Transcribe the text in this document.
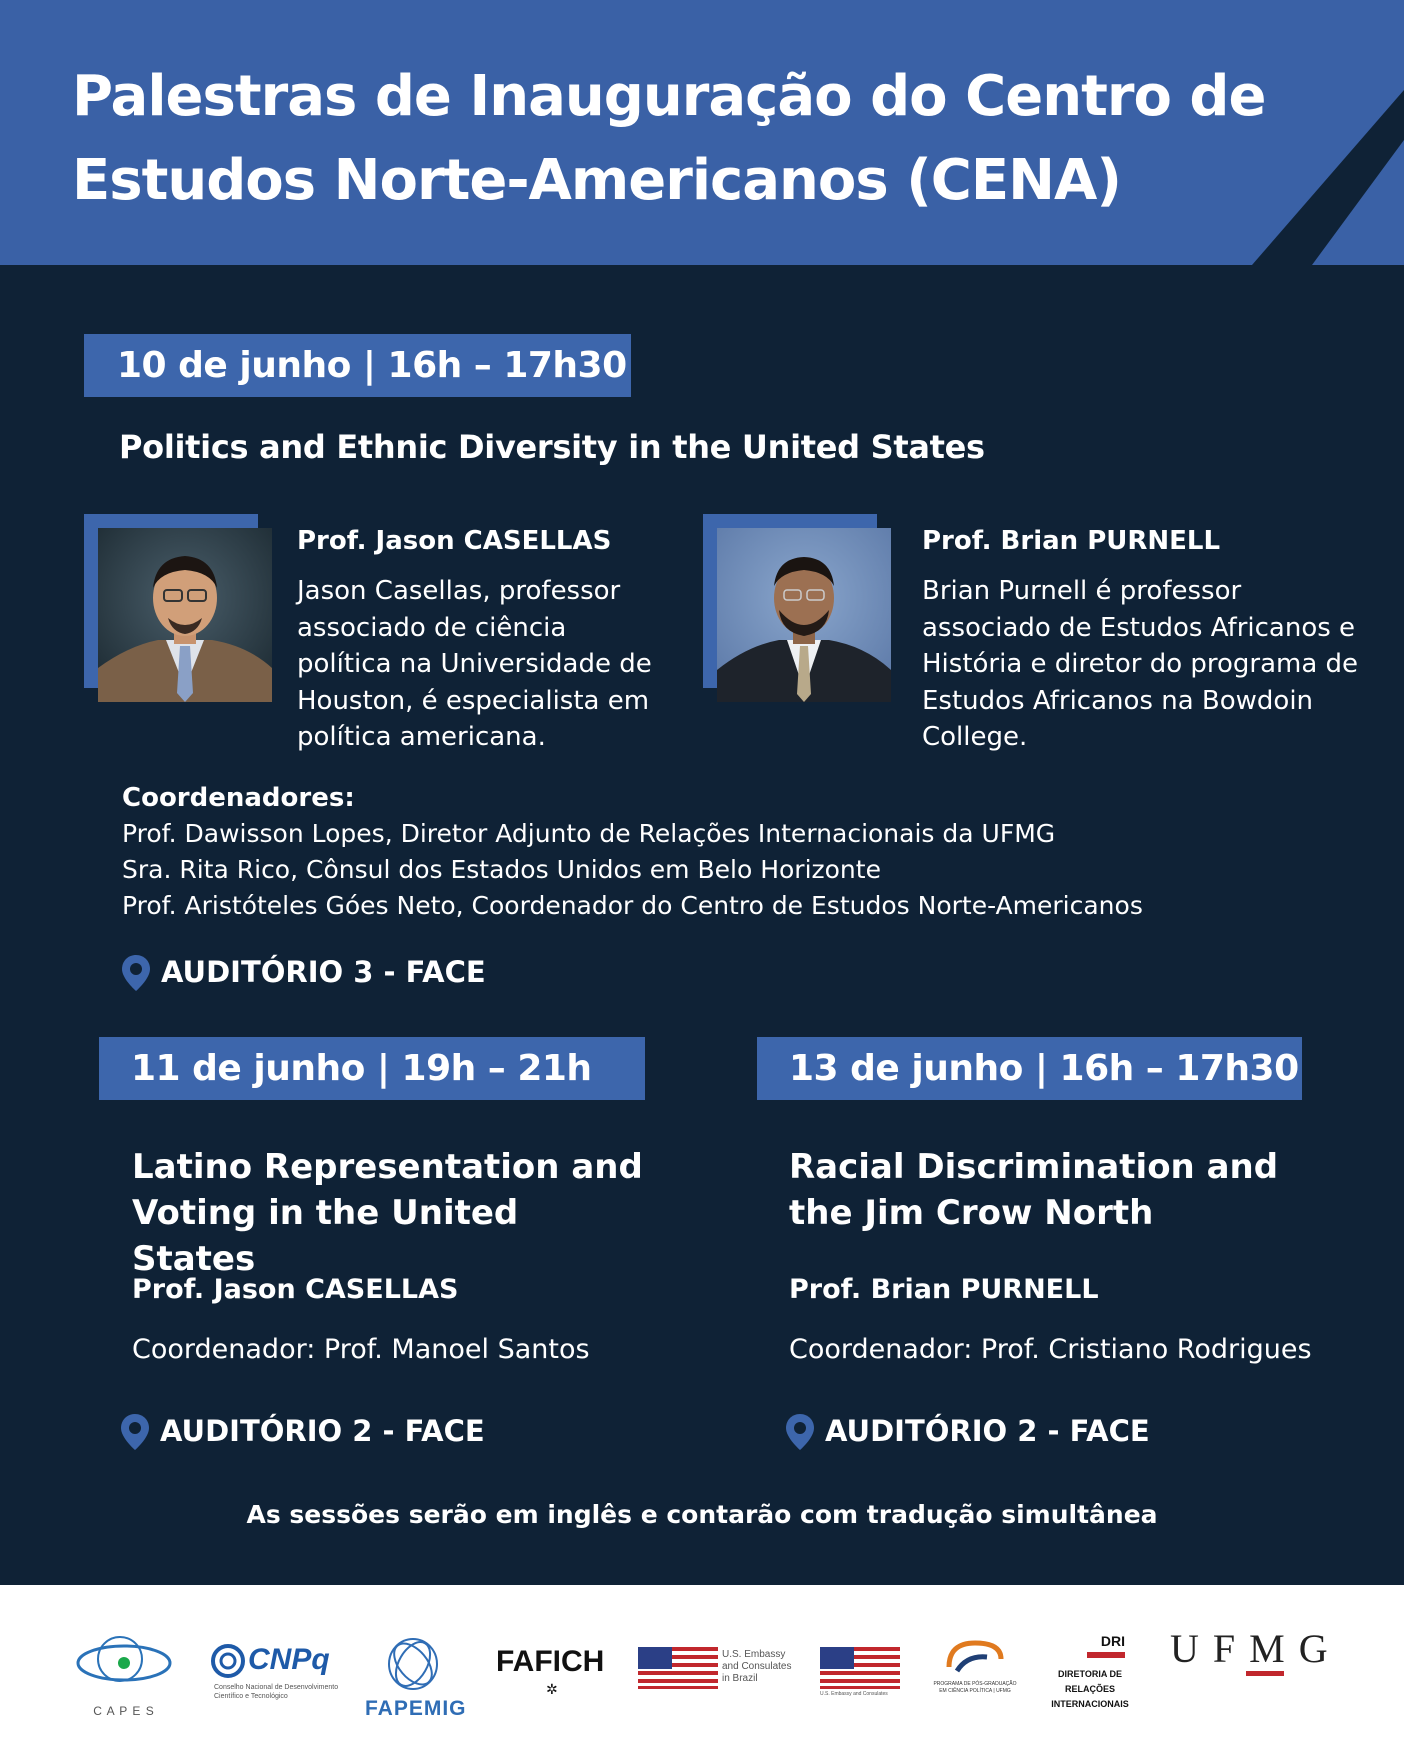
Palestras de Inauguração do Centro de Estudos Norte-Americanos (CENA)
10 de junho | 16h – 17h30
Politics and Ethnic Diversity in the United States
Prof. Jason CASELLAS
Jason Casellas, professor associado de ciência política na Universidade de Houston, é especialista em política americana.
Prof. Brian PURNELL
Brian Purnell é professor associado de Estudos Africanos e História e diretor do programa de Estudos Africanos na Bowdoin College.
Coordenadores:
Prof. Dawisson Lopes, Diretor Adjunto de Relações Internacionais da UFMG
Sra. Rita Rico, Cônsul dos Estados Unidos em Belo Horizonte
Prof. Aristóteles Góes Neto, Coordenador do Centro de Estudos Norte-Americanos
AUDITÓRIO 3 - FACE
11 de junho | 19h – 21h
Latino Representation and Voting in the United States
Prof. Jason CASELLAS
Coordenador: Prof. Manoel Santos
AUDITÓRIO 2 - FACE
13 de junho | 16h – 17h30
Racial Discrimination and the Jim Crow North
Prof. Brian PURNELL
Coordenador: Prof. Cristiano Rodrigues
AUDITÓRIO 2 - FACE
As sessões serão em inglês e contarão com tradução simultânea
C A P E S
CNPq
Conselho Nacional de Desenvolvimento Científico e Tecnológico
FAPEMIG
FAFICH
✲
U.S. Embassy and Consulates in Brazil
U.S. Embassy and Consulates
PROGRAMA DE PÓS-GRADUAÇÃO EM CIÊNCIA POLÍTICA | UFMG
DRI
DIRETORIA DE RELAÇÕES INTERNACIONAIS
UFMG
